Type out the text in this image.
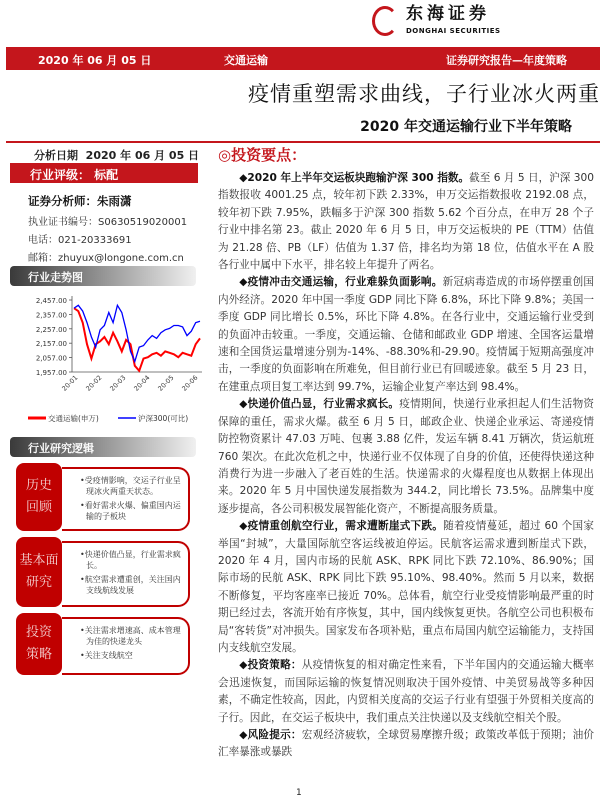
东海证券
DONGHAI SECURITIES
2020 年 06 月 05 日	交通运输	证券研究报告—年度策略
疫情重塑需求曲线，子行业冰火两重
2020 年交通运输行业下半年策略
分析日期 2020 年 06 月 05 日
行业评级： 标配
证券分析师：朱雨潇
执业证书编号：S0630519020001
电话：021-20333691
邮箱：zhuyux@longone.com.cn
行业走势图
2,457.00
2,357.00
2,257.00
2,157.00
2,057.00
1,957.00
20-01 20-02 20-03 20-04 20-05 20-06
交通运输(申万)	沪深300(可比)
行业研究逻辑
历史
回顾

•受疫情影响，交运子行业呈现冰火两重天状态。

•看好需求火爆、偏重国内运输的子板块

基本面
研究

•快递价值凸显，行业需求疯长。

•航空需求遭重创，关注国内支线航线发展

投资
策略

•关注需求增速高、成本管理为佳的快递龙头

•关注支线航空

◎投资要点：

◆2020 年上半年交运板块跑输沪深 300 指数。截至 6 月 5 日，沪深 300 指数报收 4001.25 点，较年初下跌 2.33%，申万交运指数报收 2192.08 点，较年初下跌 7.95%，跌幅多于沪深 300 指数 5.62 个百分点，在申万 28 个子行业中排名第 23。截止 2020 年 6 月 5 日，申万交运板块的 PE（TTM）估值为 21.28 倍、PB（LF）估值为 1.37 倍，排名均为第 18 位，估值水平在 A 股各行业中属中下水平，排名较上年提升了两名。

◆疫情冲击交通运输，行业难躲负面影响。新冠病毒造成的市场停摆重创国内外经济。2020 年中国一季度 GDP 同比下降 6.8%，环比下降 9.8%；美国一季度 GDP 同比增长 0.5%，环比下降 4.8%。在各行业中，交通运输行业受到的负面冲击较重。一季度，交通运输、仓储和邮政业 GDP 增速、全国客运量增速和全国货运量增速分别为-14%、-88.30%和-29.90。疫情属于短期高强度冲击，一季度的负面影响在所难免，但目前行业已有回暖迹象。截至 5 月 23 日，在建重点项目复工率达到 99.7%，运输企业复产率达到 98.4%。

◆快递价值凸显，行业需求疯长。疫情期间，快递行业承担起人们生活物资保障的重任，需求火爆。截至 6 月 5 日，邮政企业、快递企业承运、寄递疫情防控物资累计 47.03 万吨、包裹 3.88 亿件，发运车辆 8.41 万辆次，货运航班 760 架次。在此次危机之中，快递行业不仅体现了自身的价值，还使得快递这种消费行为进一步融入了老百姓的生活。快递需求的火爆程度也从数据上体现出来。2020 年 5 月中国快递发展指数为 344.2，同比增长 73.5%。品牌集中度逐步提高，各公司积极发展智能化资产，不断提高服务质量。

◆疫情重创航空行业，需求遭断崖式下跌。随着疫情蔓延，超过 60 个国家举国“封城”，大量国际航空客运线被迫停运。民航客运需求遭到断崖式下跌，2020 年 4 月，国内市场的民航 ASK、RPK 同比下跌 72.10%、86.90%；国际市场的民航 ASK、RPK 同比下跌 95.10%、98.40%。然而 5 月以来，数据不断修复，平均客座率已接近 70%。总体看，航空行业受疫情影响最严重的时期已经过去，客流开始有序恢复，其中，国内线恢复更快。各航空公司也积极布局“客转货”对冲损失。国家发布各项补贴，重点布局国内航空运输能力，支持国内支线航空发展。

◆投资策略：从疫情恢复的相对确定性来看，下半年国内的交通运输大概率会迅速恢复，而国际运输的恢复情况则取决于国外疫情、中美贸易战等多种因素，不确定性较高，因此，内贸相关度高的交运子行业有望强于外贸相关度高的子行。因此，在交运子板块中，我们重点关注快递以及支线航空相关个股。

◆风险提示：宏观经济疲软，全球贸易摩擦升级；政策改革低于预期；油价汇率暴涨或暴跌

1
